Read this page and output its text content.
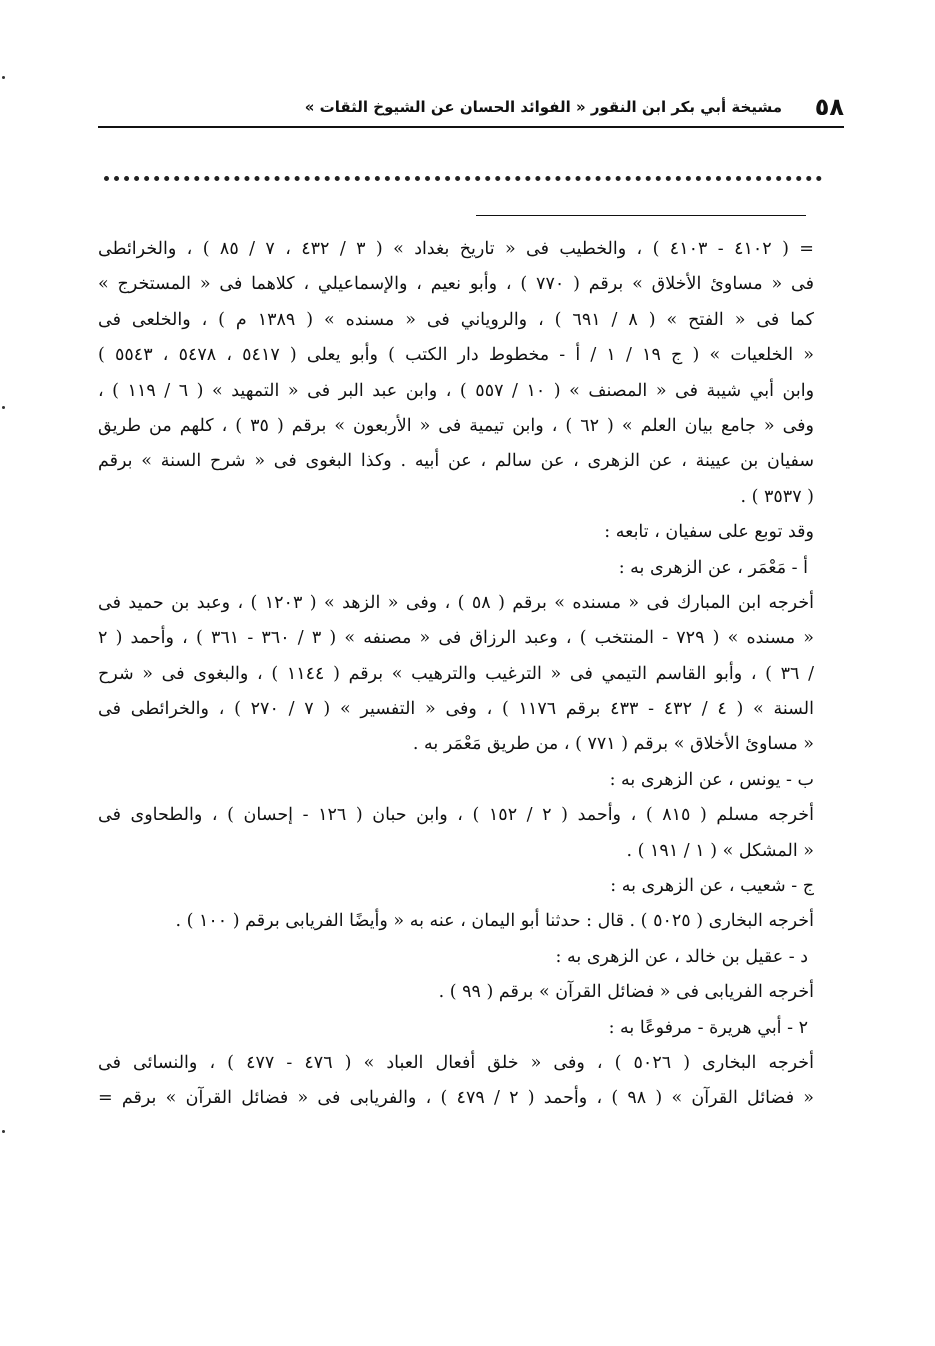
٥٨
مشيخة أبي بكر ابن النقور « الفوائد الحسان عن الشيوخ الثقات »
= ( ٤١٠٢ - ٤١٠٣ ) ، والخطيب فى « تاريخ بغداد » ( ٣ / ٤٣٢ ، ٧ / ٨٥ ) ، والخرائطى
فى « مساوئ الأخلاق » برقم ( ٧٧٠ ) ، وأبو نعيم ، والإسماعيلي ، كلاهما فى « المستخرج »
كما فى « الفتح » ( ٨ / ٦٩١ ) ، والروياني فى « مسنده » ( ١٣٨٩ م ) ، والخلعى فى
« الخلعيات » ( ج ١٩ / ١ / أ - مخطوط دار الكتب ) وأبو يعلى ( ٥٤١٧ ، ٥٤٧٨ ، ٥٥٤٣ )
وابن أبي شيبة فى « المصنف » ( ١٠ / ٥٥٧ ) ، وابن عبد البر فى « التمهيد » ( ٦ / ١١٩ ) ،
وفى « جامع بيان العلم » ( ٦٢ ) ، وابن تيمية فى « الأربعون » برقم ( ٣٥ ) ، كلهم من طريق
سفيان بن عيينة ، عن الزهرى ، عن سالم ، عن أبيه . وكذا البغوى فى « شرح السنة » برقم
( ٣٥٣٧ ) .
وقد توبع على سفيان ، تابعه :
أ - مَعْمَر ، عن الزهرى به :
أخرجه ابن المبارك فى « مسنده » برقم ( ٥٨ ) ، وفى « الزهد » ( ١٢٠٣ ) ، وعبد بن حميد فى
« مسنده » ( ٧٢٩ - المنتخب ) ، وعبد الرزاق فى « مصنفه » ( ٣ / ٣٦٠ - ٣٦١ ) ، وأحمد ( ٢
/ ٣٦ ) ، وأبو القاسم التيمي فى « الترغيب والترهيب » برقم ( ١١٤٤ ) ، والبغوى فى « شرح
السنة » ( ٤ / ٤٣٢ - ٤٣٣ برقم ١١٧٦ ) ، وفى « التفسير » ( ٧ / ٢٧٠ ) ، والخرائطى فى
« مساوئ الأخلاق » برقم ( ٧٧١ ) ، من طريق مَعْمَر به .
ب - يونس ، عن الزهرى به :
أخرجه مسلم ( ٨١٥ ) ، وأحمد ( ٢ / ١٥٢ ) ، وابن حبان ( ١٢٦ - إحسان ) ، والطحاوى فى
« المشكل » ( ١ / ١٩١ ) .
ج - شعيب ، عن الزهرى به :
أخرجه البخارى ( ٥٠٢٥ ) . قال : حدثنا أبو اليمان ، عنه به « وأيضًا الفريابى برقم ( ١٠٠ ) .
د - عقيل بن خالد ، عن الزهرى به :
أخرجه الفريابى فى « فضائل القرآن » برقم ( ٩٩ ) .
٢ - أبي هريرة - مرفوعًا به :
أخرجه البخارى ( ٥٠٢٦ ) ، وفى « خلق أفعال العباد » ( ٤٧٦ - ٤٧٧ ) ، والنسائى فى
« فضائل القرآن » ( ٩٨ ) ، وأحمد ( ٢ / ٤٧٩ ) ، والفريابى فى « فضائل القرآن » برقم =
